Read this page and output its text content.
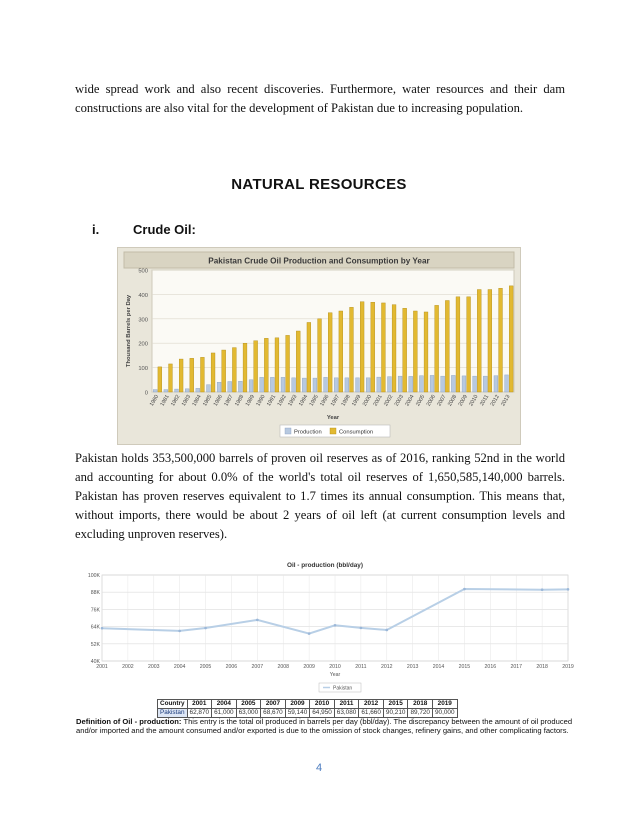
wide spread work and also recent discoveries. Furthermore, water resources and their dam constructions are also vital for the development of Pakistan due to increasing population.
NATURAL RESOURCES
i.	Crude Oil:
Pakistan Crude Oil Production and Consumption by Year
0
100
200
300
400
500
Thousand Barrels per Day
1980 1981 1982 1983 1984 1985 1986 1987 1988 1989 1990 1991 1992 1993 1994 1995 1996 1997 1998 1999 2000 2001 2002 2003 2004 2005 2006 2007 2008 2009 2010 2011 2012 2013
Year
Production	Consumption
Pakistan holds 353,500,000 barrels of proven oil reserves as of 2016, ranking 52nd in the world and accounting for about 0.0% of the world's total oil reserves of 1,650,585,140,000 barrels. Pakistan has proven reserves equivalent to 1.7 times its annual consumption. This means that, without imports, there would be about 2 years of oil left (at current consumption levels and excluding unproven reserves).
Oil - production (bbl/day)
40K
52K
64K
76K
88K
100K
2001	2002	2003	2004	2005	2006	2007	2008	2009	2010	2011	2012	2013	2014	2015	2016	2017	2018	2019
Year
Pakistan
Country	2001	2004	2005	2007	2009	2010	2011	2012	2015	2018	2019
Pakistan	62,870	61,000	63,000	68,670	59,140	64,950	63,080	61,660	90,210	89,720	90,000
Definition of Oil - production: This entry is the total oil produced in barrels per day (bbl/day). The discrepancy between the amount of oil produced and/or imported and the amount consumed and/or exported is due to the omission of stock changes, refinery gains, and other complicating factors.
4
